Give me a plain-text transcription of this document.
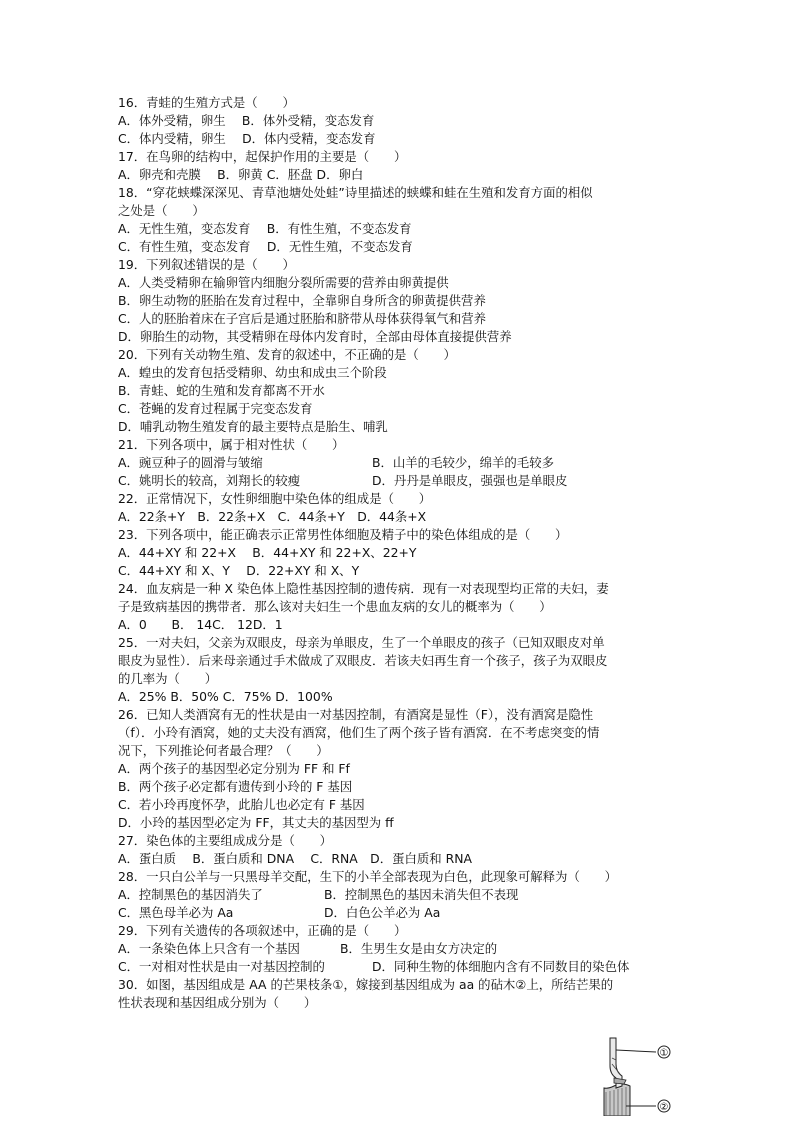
16．青蛙的生殖方式是（　　）
A．体外受精，卵生　 B．体外受精，变态发育
C．体内受精，卵生　 D．体内受精，变态发育
17．在鸟卵的结构中，起保护作用的主要是（　　）
A．卵壳和壳膜　 B．卵黄 C．胚盘 D．卵白
18．“穿花蛱蝶深深见、青草池塘处处蛙”诗里描述的蛱蝶和蛙在生殖和发育方面的相似
之处是（　　）
A．无性生殖，变态发育　 B．有性生殖，不变态发育
C．有性生殖，变态发育　 D．无性生殖，不变态发育
19．下列叙述错误的是（　　）
A．人类受精卵在输卵管内细胞分裂所需要的营养由卵黄提供
B．卵生动物的胚胎在发育过程中，全靠卵自身所含的卵黄提供营养
C．人的胚胎着床在子宫后是通过胚胎和脐带从母体获得氧气和营养
D．卵胎生的动物，其受精卵在母体内发育时，全部由母体直接提供营养
20．下列有关动物生殖、发育的叙述中，不正确的是（　　）
A．蝗虫的发育包括受精卵、幼虫和成虫三个阶段
B．青蛙、蛇的生殖和发育都离不开水
C．苍蝇的发育过程属于完变态发育
D．哺乳动物生殖发育的最主要特点是胎生、哺乳
21．下列各项中，属于相对性状（　　）
A．豌豆种子的圆滑与皱缩	B．山羊的毛较少，绵羊的毛较多
C．姚明长的较高，刘翔长的较瘦	D．丹丹是单眼皮，强强也是单眼皮
22．正常情况下，女性卵细胞中染色体的组成是（　　）
A．22条+Y　B．22条+X　C．44条+Y　D．44条+X
23．下列各项中，能正确表示正常男性体细胞及精子中的染色体组成的是（　　）
A．44+XY 和 22+X　 B．44+XY 和 22+X、22+Y
C．44+XY 和 X、Y　 D．22+XY 和 X、Y
24．血友病是一种 X 染色体上隐性基因控制的遗传病．现有一对表现型均正常的夫妇，妻
子是致病基因的携带者．那么该对夫妇生一个患血友病的女儿的概率为（　　）
A．0　　B． 14C． 12D．1
25．一对夫妇，父亲为双眼皮，母亲为单眼皮，生了一个单眼皮的孩子（已知双眼皮对单
眼皮为显性）．后来母亲通过手术做成了双眼皮．若该夫妇再生育一个孩子，孩子为双眼皮
的几率为（　　）
A．25% B．50% C．75% D．100%
26．已知人类酒窝有无的性状是由一对基因控制，有酒窝是显性（F），没有酒窝是隐性
（f）．小玲有酒窝，她的丈夫没有酒窝，他们生了两个孩子皆有酒窝．在不考虑突变的情
况下，下列推论何者最合理？（　　）
A．两个孩子的基因型必定分别为 FF 和 Ff
B．两个孩子必定都有遗传到小玲的 F 基因
C．若小玲再度怀孕，此胎儿也必定有 F 基因
D．小玲的基因型必定为 FF，其丈夫的基因型为 ff
27．染色体的主要组成成分是（　　）
A．蛋白质　 B．蛋白质和 DNA　 C．RNA　D．蛋白质和 RNA
28．一只白公羊与一只黑母羊交配，生下的小羊全部表现为白色，此现象可解释为（　　）
A．控制黑色的基因消失了	B．控制黑色的基因未消失但不表现
C．黑色母羊必为 Aa	D．白色公羊必为 Aa
29．下列有关遗传的各项叙述中，正确的是（　　）
A．一条染色体上只含有一个基因	B．生男生女是由女方决定的
C．一对相对性状是由一对基因控制的	D．同种生物的体细胞内含有不同数目的染色体
30．如图，基因组成是 AA 的芒果枝条①，嫁接到基因组成为 aa 的砧木②上，所结芒果的
性状表现和基因组成分别为（　　）
①
②
